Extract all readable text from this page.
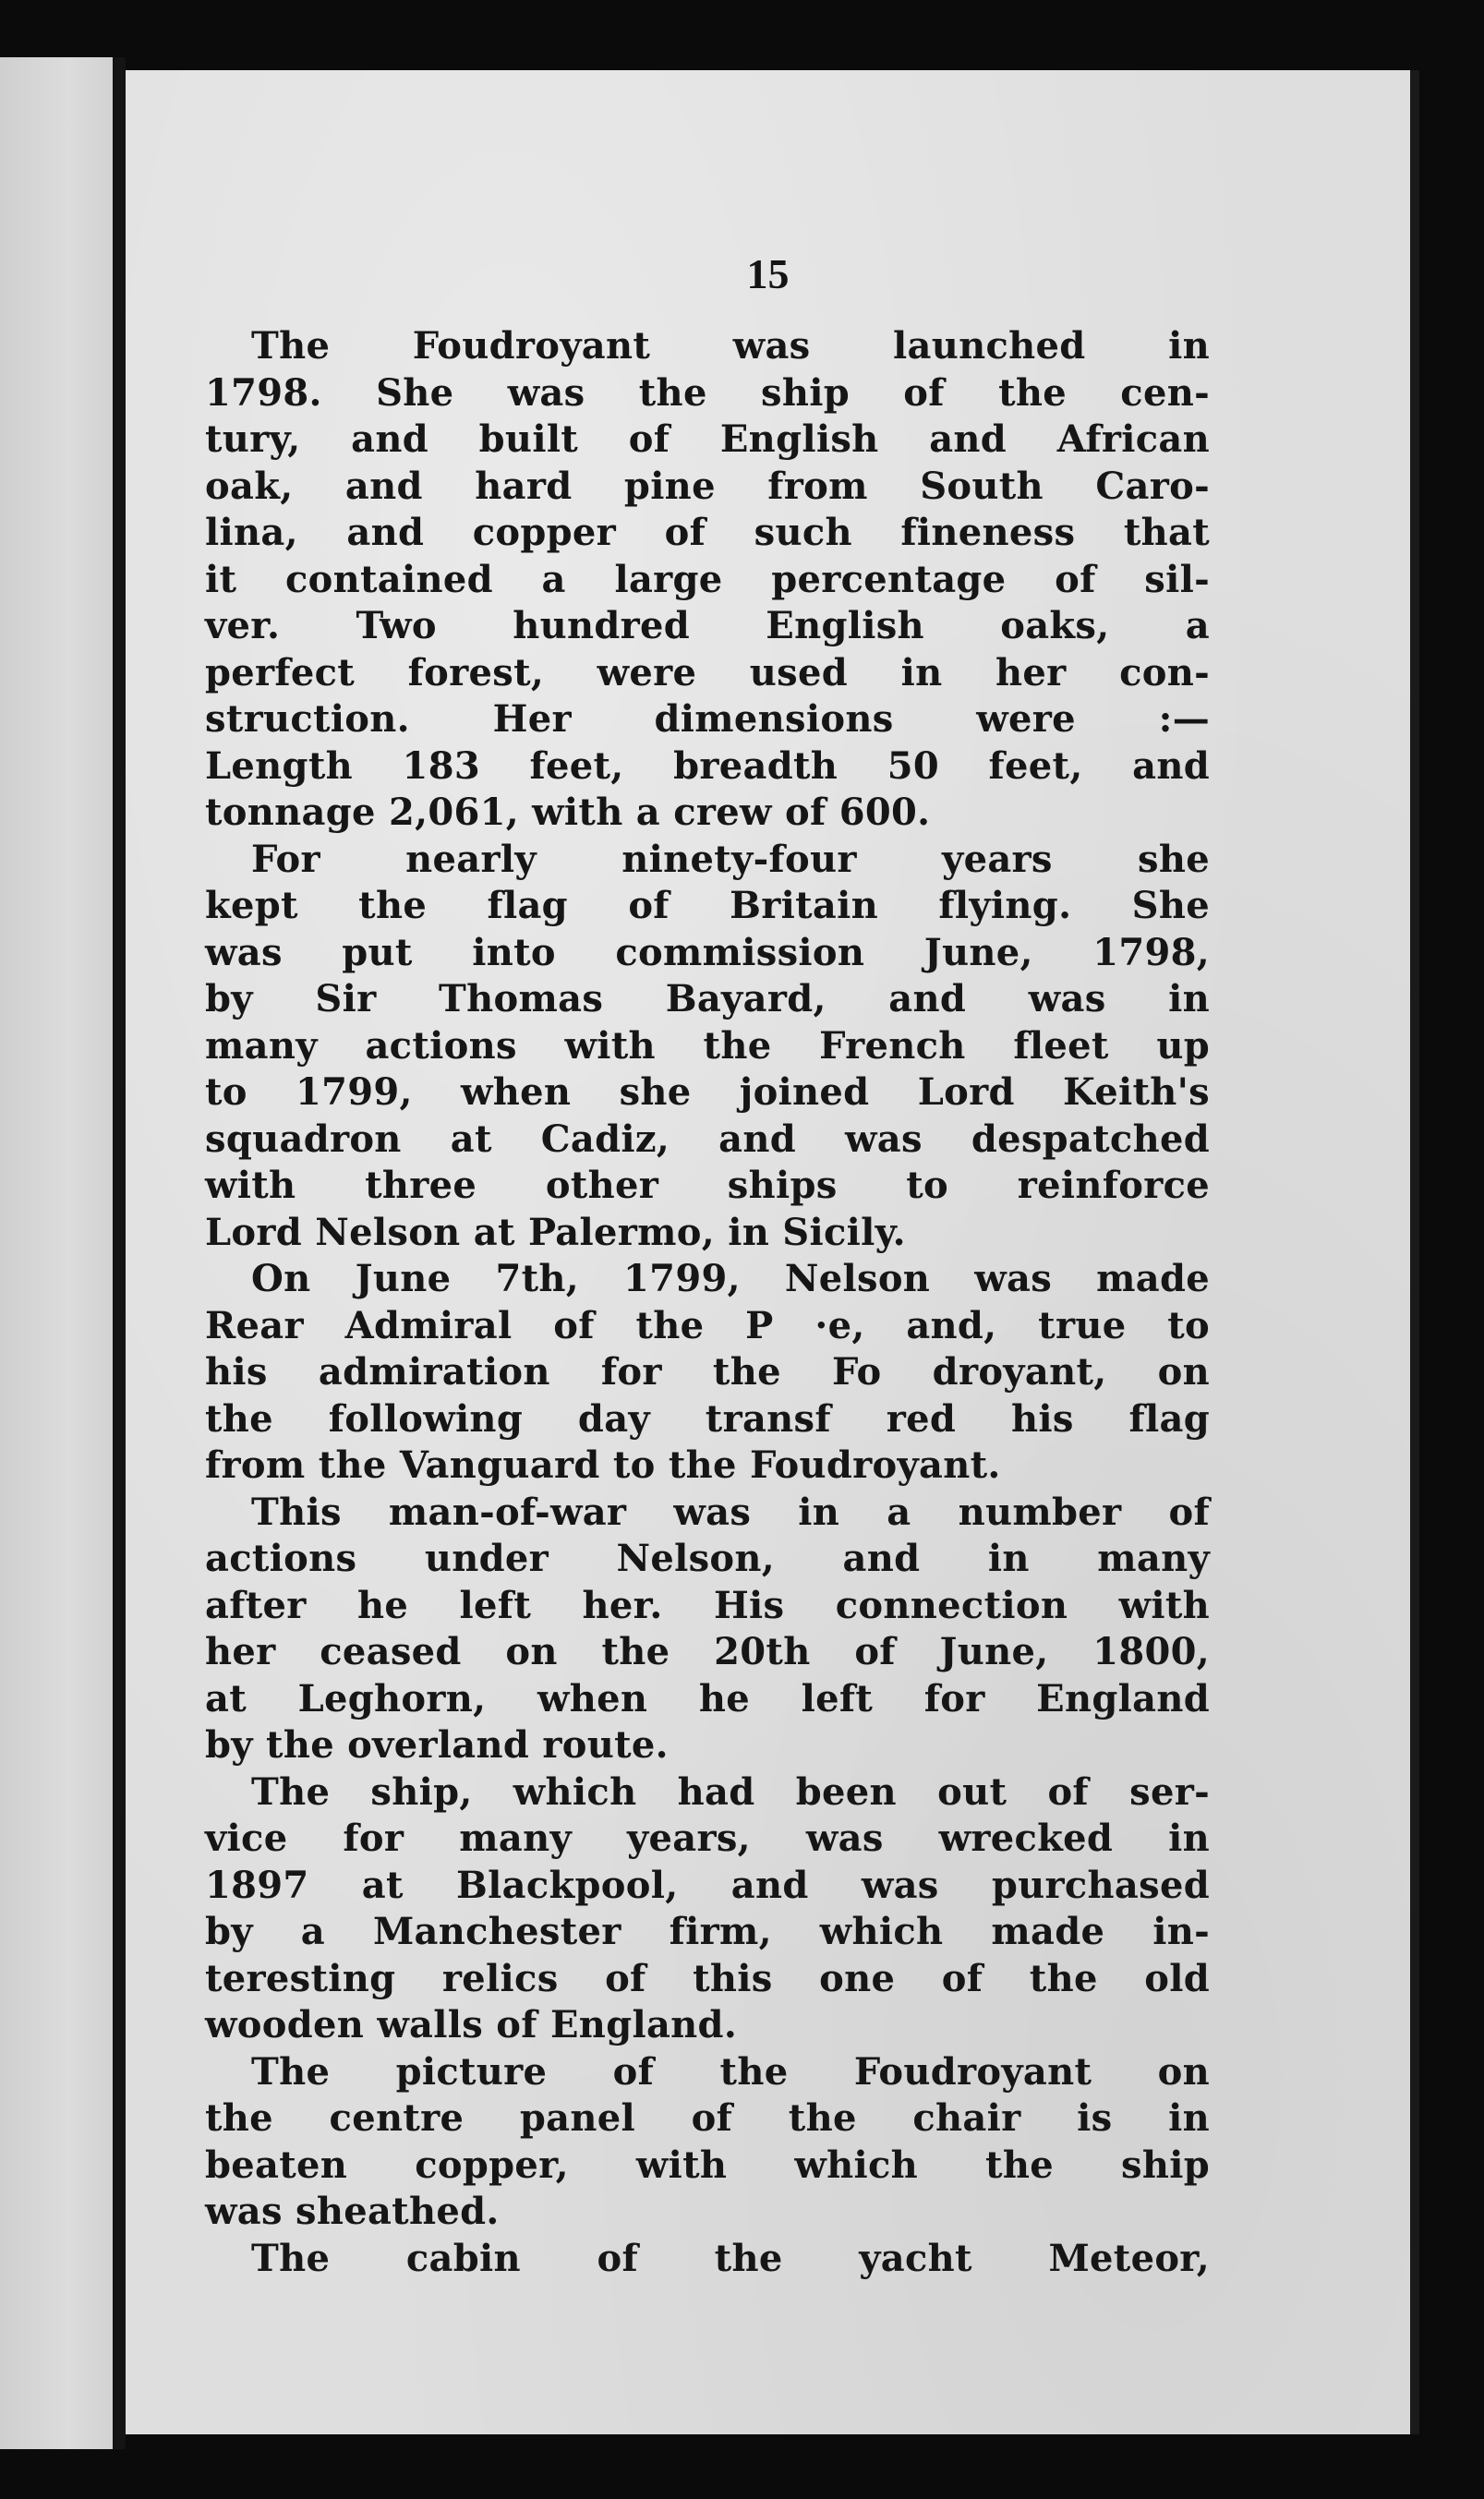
15
The Foudroyant was launched in
1798. She was the ship of the cen-
tury, and built of English and African
oak, and hard pine from South Caro-
lina, and copper of such fineness that
it contained a large percentage of sil-
ver. Two hundred English oaks, a
perfect forest, were used in her con-
struction. Her dimensions were :—
Length 183 feet, breadth 50 feet, and
tonnage 2,061, with a crew of 600.
For nearly ninety-four years she
kept the flag of Britain flying. She
was put into commission June, 1798,
by Sir Thomas Bayard, and was in
many actions with the French fleet up
to 1799, when she joined Lord Keith's
squadron at Cadiz, and was despatched
with three other ships to reinforce
Lord Nelson at Palermo, in Sicily.
On June 7th, 1799, Nelson was made
Rear Admiral of the P ·e, and, true to
his admiration for the Fo droyant, on
the following day transf red his flag
from the Vanguard to the Foudroyant.
This man-of-war was in a number of
actions under Nelson, and in many
after he left her. His connection with
her ceased on the 20th of June, 1800,
at Leghorn, when he left for England
by the overland route.
The ship, which had been out of ser-
vice for many years, was wrecked in
1897 at Blackpool, and was purchased
by a Manchester firm, which made in-
teresting relics of this one of the old
wooden walls of England.
The picture of the Foudroyant on
the centre panel of the chair is in
beaten copper, with which the ship
was sheathed.
The cabin of the yacht Meteor,
